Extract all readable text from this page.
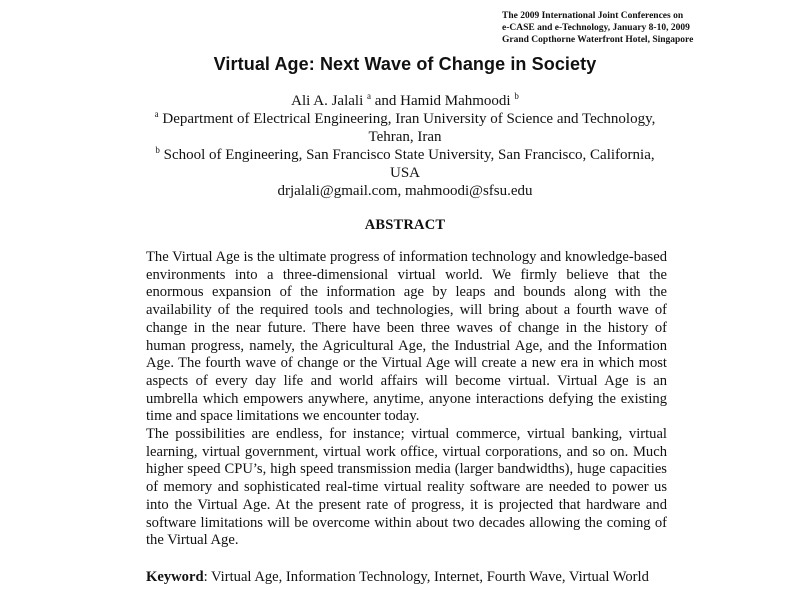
The 2009 International Joint Conferences on
e-CASE and e-Technology, January 8-10, 2009
Grand Copthorne Waterfront Hotel, Singapore
Virtual Age: Next Wave of Change in Society
Ali A. Jalali $^a$ and Hamid Mahmoodi $^b$
$^a$ Department of Electrical Engineering, Iran University of Science and Technology,
Tehran, Iran
$^b$ School of Engineering, San Francisco State University, San Francisco, California,
USA
drjalali@gmail.com, mahmoodi@sfsu.edu
ABSTRACT

The Virtual Age is the ultimate progress of information technology and knowledge-based environments into a three-dimensional virtual world. We firmly believe that the enormous expansion of the information age by leaps and bounds along with the availability of the required tools and technologies, will bring about a fourth wave of change in the near future. There have been three waves of change in the history of human progress, namely, the Agricultural Age, the Industrial Age, and the Information Age. The fourth wave of change or the Virtual Age will create a new era in which most aspects of every day life and world affairs will become virtual. Virtual Age is an umbrella which empowers anywhere, anytime, anyone interactions defying the existing time and space limitations we encounter today.

The possibilities are endless, for instance; virtual commerce, virtual banking, virtual learning, virtual government, virtual work office, virtual corporations, and so on. Much higher speed CPU’s, high speed transmission media (larger bandwidths), huge capacities of memory and sophisticated real-time virtual reality software are needed to power us into the Virtual Age. At the present rate of progress, it is projected that hardware and software limitations will be overcome within about two decades allowing the coming of the Virtual Age.

Keyword: Virtual Age, Information Technology, Internet, Fourth Wave, Virtual World
